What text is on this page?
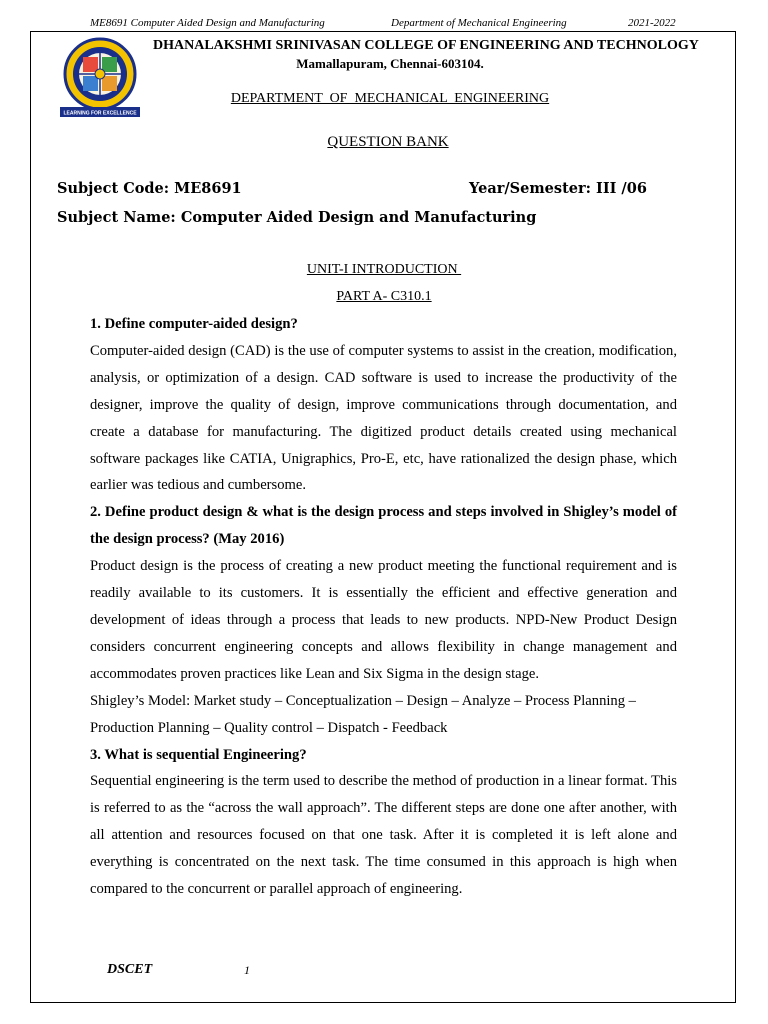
ME8691 Computer Aided Design and Manufacturing	Department of Mechanical Engineering	2021-2022
LEARNING FOR EXCELLENCE
DHANALAKSHMI SRINIVASAN COLLEGE OF ENGINEERING AND TECHNOLOGY
Mamallapuram, Chennai-603104.
DEPARTMENT  OF  MECHANICAL  ENGINEERING
QUESTION BANK
Subject Code: ME8691	Year/Semester: III /06
Subject Name: Computer Aided Design and Manufacturing
UNIT-I INTRODUCTION
PART A- C310.1

1. Define computer-aided design?

Computer-aided design (CAD) is the use of computer systems to assist in the creation, modification, analysis, or optimization of a design. CAD software is used to increase the productivity of the designer, improve the quality of design, improve communications through documentation, and create a database for manufacturing. The digitized product details created using mechanical software packages like CATIA, Unigraphics, Pro-E, etc, have rationalized the design phase, which earlier was tedious and cumbersome.

2. Define product design & what is the design process and steps involved in Shigley’s model of the design process? (May 2016)

Product design is the process of creating a new product meeting the functional requirement and is readily available to its customers. It is essentially the efficient and effective generation and development of ideas through a process that leads to new products. NPD-New Product Design considers concurrent engineering concepts and allows flexibility in change management and accommodates proven practices like Lean and Six Sigma in the design stage.

Shigley’s Model: Market study – Conceptualization – Design – Analyze – Process Planning – Production Planning – Quality control – Dispatch - Feedback

3. What is sequential Engineering?

Sequential engineering is the term used to describe the method of production in a linear format. This is referred to as the “across the wall approach”. The different steps are done one after another, with all attention and resources focused on that one task. After it is completed it is left alone and everything is concentrated on the next task. The time consumed in this approach is high when compared to the concurrent or parallel approach of engineering.

DSCET	1
